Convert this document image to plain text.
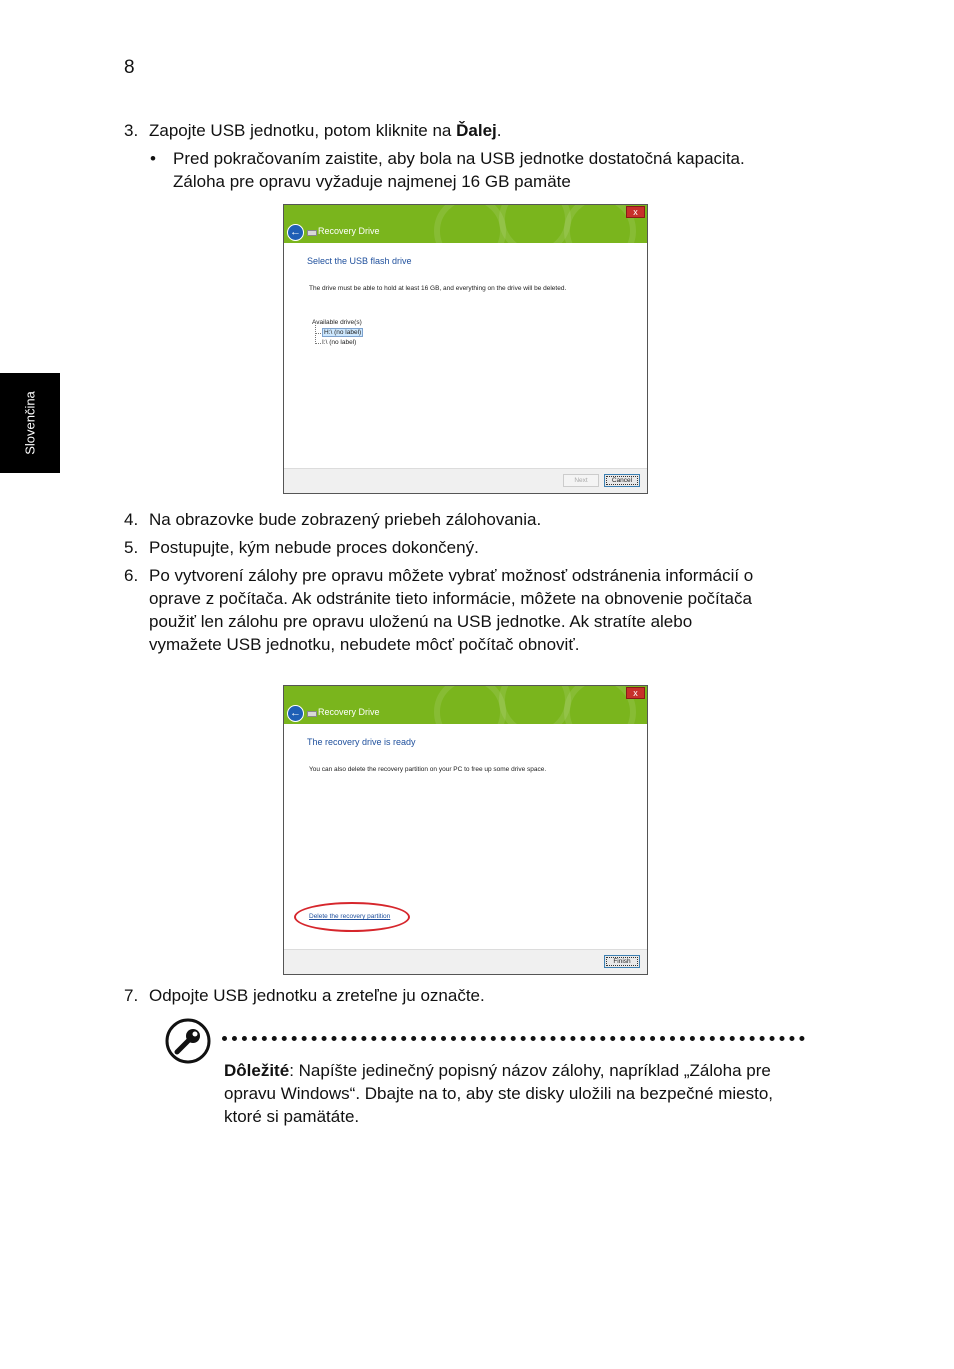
8
Slovenčina
3. Zapojte USB jednotku, potom kliknite na Ďalej.
• Pred pokračovaním zaistite, aby bola na USB jednotke dostatočná kapacita.
Záloha pre opravu vyžaduje najmenej 16 GB pamäte
x
←	Recovery Drive
Select the USB flash drive
The drive must be able to hold at least 16 GB, and everything on the drive will be deleted.
Available drive(s)
H:\ (no label)
I:\ (no label)
Next	Cancel
4. Na obrazovke bude zobrazený priebeh zálohovania.
5. Postupujte, kým nebude proces dokončený.
6. Po vytvorení zálohy pre opravu môžete vybrať možnosť odstránenia informácií o
oprave z počítača. Ak odstránite tieto informácie, môžete na obnovenie počítača
použiť len zálohu pre opravu uloženú na USB jednotke. Ak stratíte alebo
vymažete USB jednotku, nebudete môcť počítač obnoviť.
x
←	Recovery Drive
The recovery drive is ready
You can also delete the recovery partition on your PC to free up some drive space.
Delete the recovery partition
Finish
7. Odpojte USB jednotku a zreteľne ju označte.
Dôležité: Napíšte jedinečný popisný názov zálohy, napríklad „Záloha pre opravu Windows“. Dbajte na to, aby ste disky uložili na bezpečné miesto, ktoré si pamätáte.
